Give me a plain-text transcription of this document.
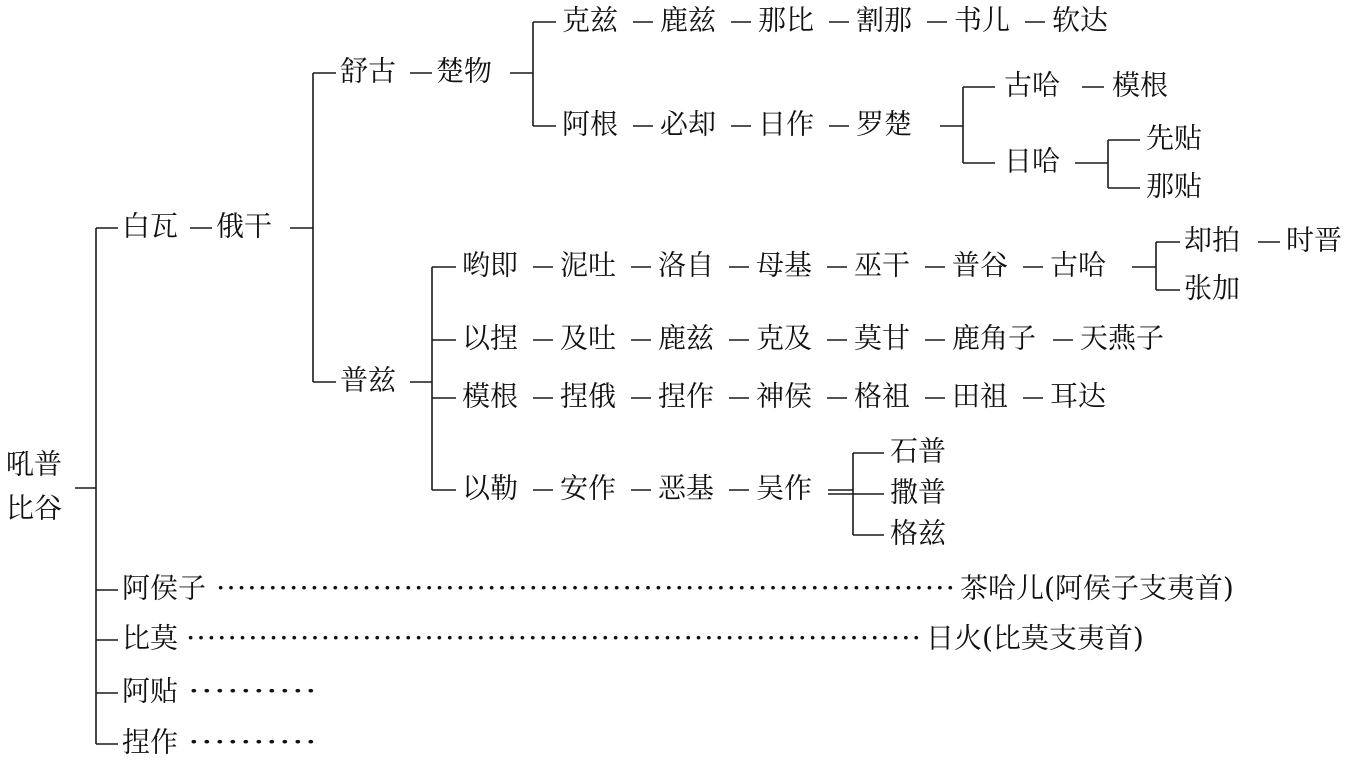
吼普
比谷
白瓦 俄干
舒古 楚物
克兹 鹿兹 那比 割那 书儿 软达
阿根 必却 日作 罗楚
古哈 模根
日哈
先贴
那贴
普兹
哟即 泥吐 洛自 母基 巫干 普谷 古哈
以捏 及吐 鹿兹 克及 莫甘 鹿角子 天燕子
模根 捏俄 捏作 神侯 格祖 田祖 耳达
以勒 安作 恶基 吴作
却拍 时晋
张加
石普
撒普
格兹
阿侯子 ······································································· 茶哈儿(阿侯子支夷首)
比莫 ······································································· 日火(比莫支夷首)
阿贴 ··········
捏作 ··········
